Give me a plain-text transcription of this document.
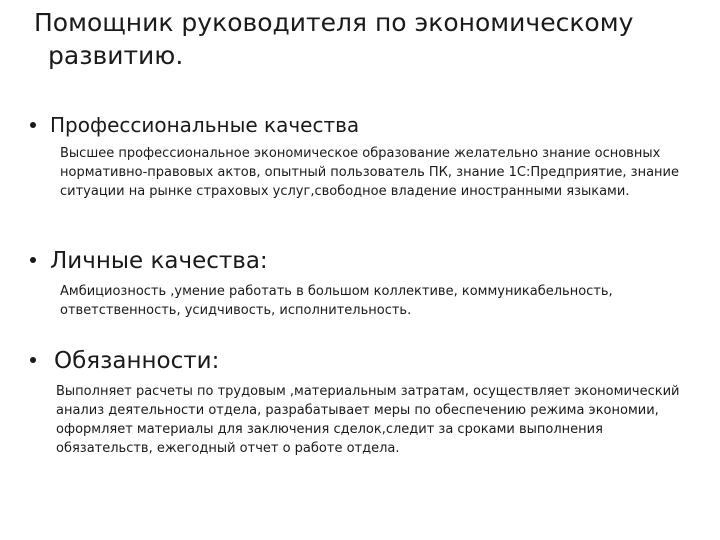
Помощник руководителя по экономическому
развитию.
Профессиональные качества

Высшее профессиональное экономическое образование желательно знание основных нормативно-правовых актов, опытный пользователь ПК, знание 1С:Предприятие, знание ситуации на рынке страховых услуг,свободное владение иностранными языками.

Личные качества:

Амбициозность ,умение работать в большом коллективе, коммуникабельность, ответственность, усидчивость, исполнительность.

Обязанности:

Выполняет расчеты по трудовым ,материальным затратам, осуществляет экономический анализ деятельности отдела, разрабатывает меры по обеспечению режима экономии, оформляет материалы для заключения сделок,следит за сроками выполнения обязательств, ежегодный отчет о работе отдела.
